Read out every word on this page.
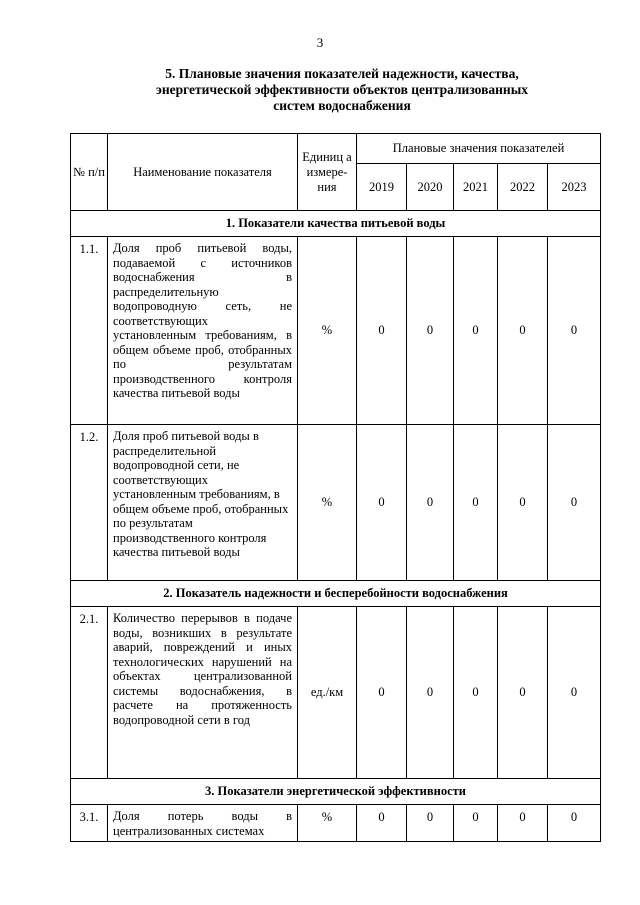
3
5. Плановые значения показателей надежности, качества,
энергетической эффективности объектов централизованных
систем водоснабжения
№ п/п	Наименование показателя	Единиц а измере- ния	Плановые значения показателей				
			2019	2020	2021	2022	2023
1. Показатели качества питьевой воды							
1.1.	Доля проб питьевой воды, подаваемой с источников водоснабжения в распределительную водопроводную сеть, не соответствующих установленным требованиям, в общем объеме проб, отобранных по результатам производственного контроля качества питьевой воды	%	0	0	0	0	0
1.2.	Доля проб питьевой воды в распределительной водопроводной сети, не соответствующих установленным требованиям, в общем объеме проб, отобранных по результатам производственного контроля качества питьевой воды	%	0	0	0	0	0
2. Показатель надежности и бесперебойности водоснабжения							
2.1.	Количество перерывов в подаче воды, возникших в результате аварий, повреждений и иных технологических нарушений на объектах централизованной системы водоснабжения, в расчете на протяженность водопроводной сети в год	ед./км	0	0	0	0	0
3. Показатели энергетической эффективности							
3.1.	Доля потерь воды в централизованных системах	%	0	0	0	0	0
